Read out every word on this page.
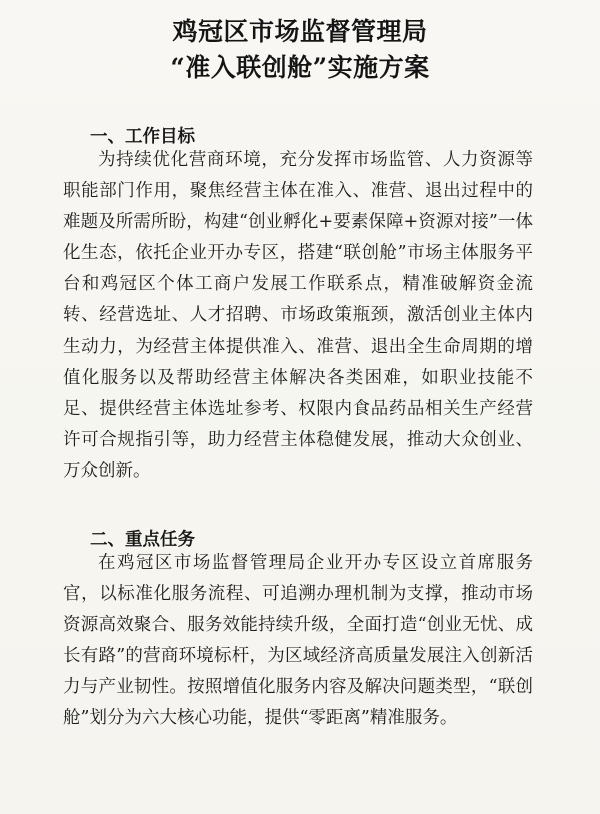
鸡冠区市场监督管理局
“准入联创舱”实施方案
一、工作目标

为持续优化营商环境，充分发挥市场监管、人力资源等职能部门作用，聚焦经营主体在准入、准营、退出过程中的难题及所需所盼，构建“创业孵化+要素保障+资源对接”一体化生态，依托企业开办专区，搭建“联创舱”市场主体服务平台和鸡冠区个体工商户发展工作联系点，精准破解资金流转、经营选址、人才招聘、市场政策瓶颈，激活创业主体内生动力，为经营主体提供准入、准营、退出全生命周期的增值化服务以及帮助经营主体解决各类困难，如职业技能不足、提供经营主体选址参考、权限内食品药品相关生产经营许可合规指引等，助力经营主体稳健发展，推动大众创业、万众创新。

二、重点任务

在鸡冠区市场监督管理局企业开办专区设立首席服务官，以标准化服务流程、可追溯办理机制为支撑，推动市场资源高效聚合、服务效能持续升级，全面打造“创业无忧、成长有路”的营商环境标杆，为区域经济高质量发展注入创新活力与产业韧性。按照增值化服务内容及解决问题类型，“联创舱”划分为六大核心功能，提供“零距离”精准服务。
